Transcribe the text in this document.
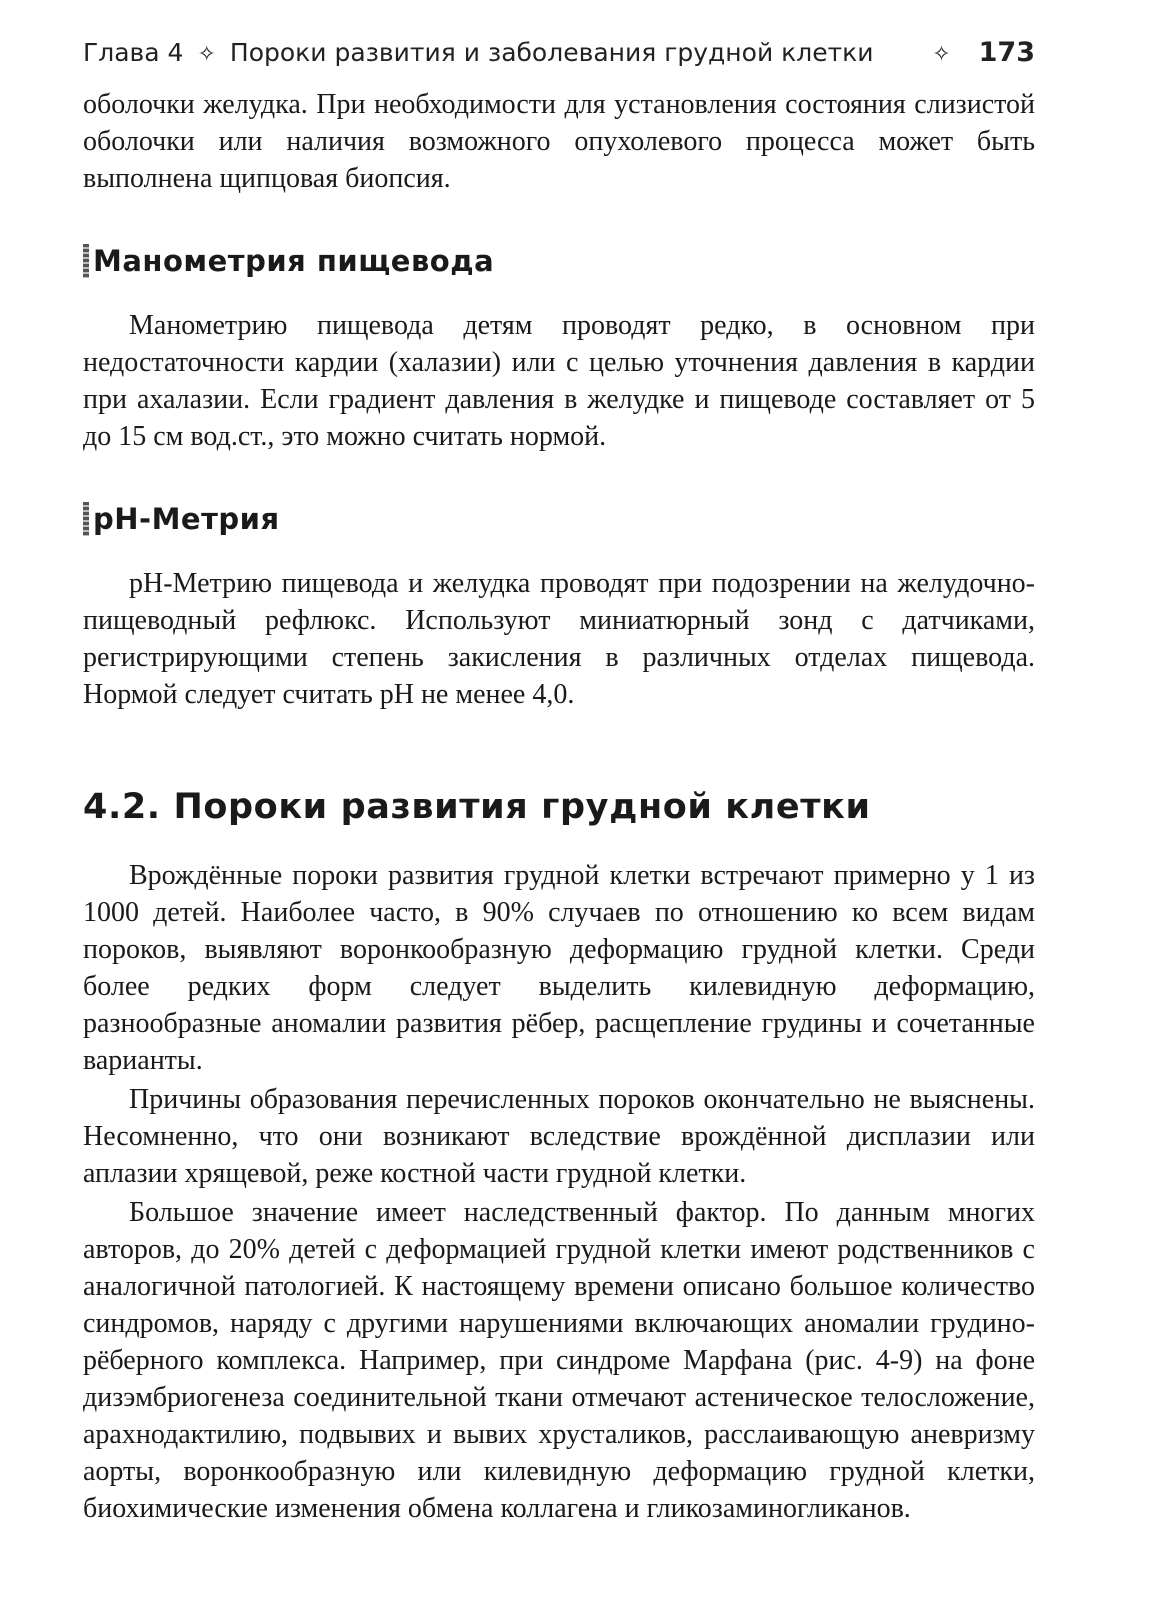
Глава 4 ✧ Пороки развития и заболевания грудной клетки	✧ 173

оболочки желудка. При необходимости для установления состояния слизистой оболочки или наличия возможного опухолевого процесса может быть выполнена щипцовая биопсия.

Манометрия пищевода

Манометрию пищевода детям проводят редко, в основном при недостаточности кардии (халазии) или с целью уточнения давления в кардии при ахалазии. Если градиент давления в желудке и пищеводе составляет от 5 до 15 см вод.ст., это можно считать нормой.

pH-Метрия

pH-Метрию пищевода и желудка проводят при подозрении на желудочно-пищеводный рефлюкс. Используют миниатюрный зонд с датчиками, регистрирующими степень закисления в различных отделах пищевода. Нормой следует считать pH не менее 4,0.

4.2. Пороки развития грудной клетки

Врождённые пороки развития грудной клетки встречают примерно у 1 из 1000 детей. Наиболее часто, в 90% случаев по отношению ко всем видам пороков, выявляют воронкообразную деформацию грудной клетки. Среди более редких форм следует выделить килевидную деформацию, разнообразные аномалии развития рёбер, расщепление грудины и сочетанные варианты.

Причины образования перечисленных пороков окончательно не выяснены. Несомненно, что они возникают вследствие врождённой дисплазии или аплазии хрящевой, реже костной части грудной клетки.

Большое значение имеет наследственный фактор. По данным многих авторов, до 20% детей с деформацией грудной клетки имеют родственников с аналогичной патологией. К настоящему времени описано большое количество синдромов, наряду с другими нарушениями включающих аномалии грудино-рёберного комплекса. Например, при синдроме Марфана (рис. 4-9) на фоне дизэмбриогенеза соединительной ткани отмечают астеническое телосложение, арахнодактилию, подвывих и вывих хрусталиков, расслаивающую аневризму аорты, воронкообразную или килевидную деформацию грудной клетки, биохимические изменения обмена коллагена и гликозаминогликанов.
